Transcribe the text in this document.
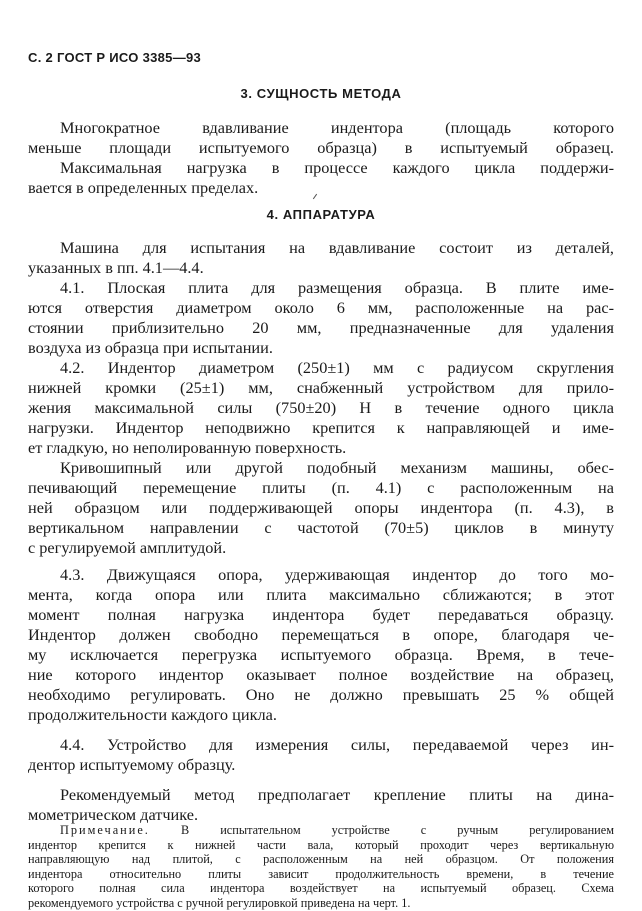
С. 2 ГОСТ Р ИСО 3385—93
3. СУЩНОСТЬ МЕТОДА
Многократное вдавливание индентора (площадь которого
меньше площади испытуемого образца) в испытуемый образец.
Максимальная нагрузка в процессе каждого цикла поддержи-
вается в определенных пределах.
4. АППАРАТУРА
Машина для испытания на вдавливание состоит из деталей,
указанных в пп. 4.1—4.4.
4.1. Плоская плита для размещения образца. В плите име-
ются отверстия диаметром около 6 мм, расположенные на рас-
стоянии приблизительно 20 мм, предназначенные для удаления
воздуха из образца при испытании.
4.2. Индентор диаметром (250±1) мм с радиусом скругления
нижней кромки (25±1) мм, снабженный устройством для прило-
жения максимальной силы (750±20) Н в течение одного цикла
нагрузки. Индентор неподвижно крепится к направляющей и име-
ет гладкую, но неполированную поверхность.
Кривошипный или другой подобный механизм машины, обес-
печивающий перемещение плиты (п. 4.1) с расположенным на
ней образцом или поддерживающей опоры индентора (п. 4.3), в
вертикальном направлении с частотой (70±5) циклов в минуту
с регулируемой амплитудой.
4.3. Движущаяся опора, удерживающая индентор до того мо-
мента, когда опора или плита максимально сближаются; в этот
момент полная нагрузка индентора будет передаваться образцу.
Индентор должен свободно перемещаться в опоре, благодаря че-
му исключается перегрузка испытуемого образца. Время, в тече-
ние которого индентор оказывает полное воздействие на образец,
необходимо регулировать. Оно не должно превышать 25 % общей
продолжительности каждого цикла.
4.4. Устройство для измерения силы, передаваемой через ин-
дентор испытуемому образцу.
Рекомендуемый метод предполагает крепление плиты на дина-
мометрическом датчике.
Примечание.	В испытательном устройстве с ручным регулированием
индентор крепится к нижней части вала, который проходит через вертикальную
направляющую над плитой, с расположенным на ней образцом. От положения
индентора относительно плиты зависит продолжительность времени, в течение
которого полная сила индентора воздействует на испытуемый образец. Схема
рекомендуемого устройства с ручной регулировкой приведена на черт. 1.
